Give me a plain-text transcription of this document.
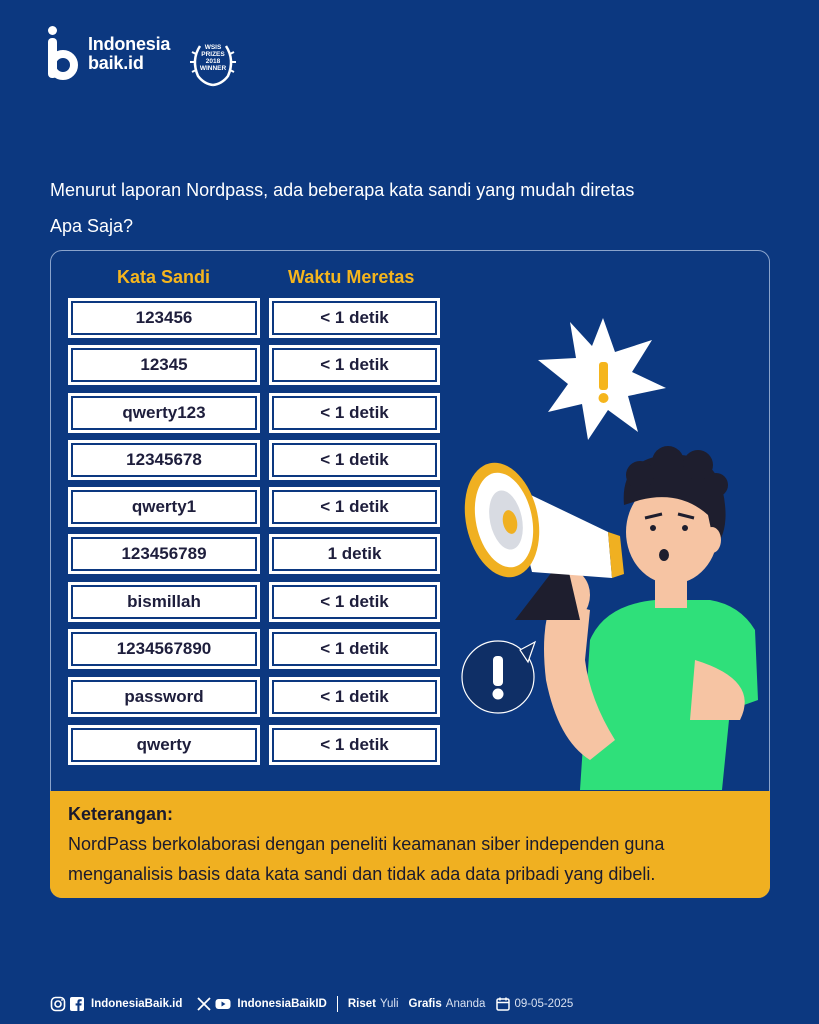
Indonesia
baik.id
WSIS
PRIZES
2018
WINNER
Menurut laporan Nordpass, ada beberapa kata sandi yang mudah diretas
Apa Saja?
Kata Sandi	Waktu Meretas
123456	< 1 detik
12345	< 1 detik
qwerty123	< 1 detik
12345678	< 1 detik
qwerty1	< 1 detik
123456789	1 detik
bismillah	< 1 detik
1234567890	< 1 detik
password	< 1 detik
qwerty	< 1 detik
Keterangan:
NordPass berkolaborasi dengan peneliti keamanan siber independen guna
menganalisis basis data kata sandi dan tidak ada data pribadi yang dibeli.
IndonesiaBaik.id	IndonesiaBaikID Riset Yuli Grafis Ananda	09-05-2025
